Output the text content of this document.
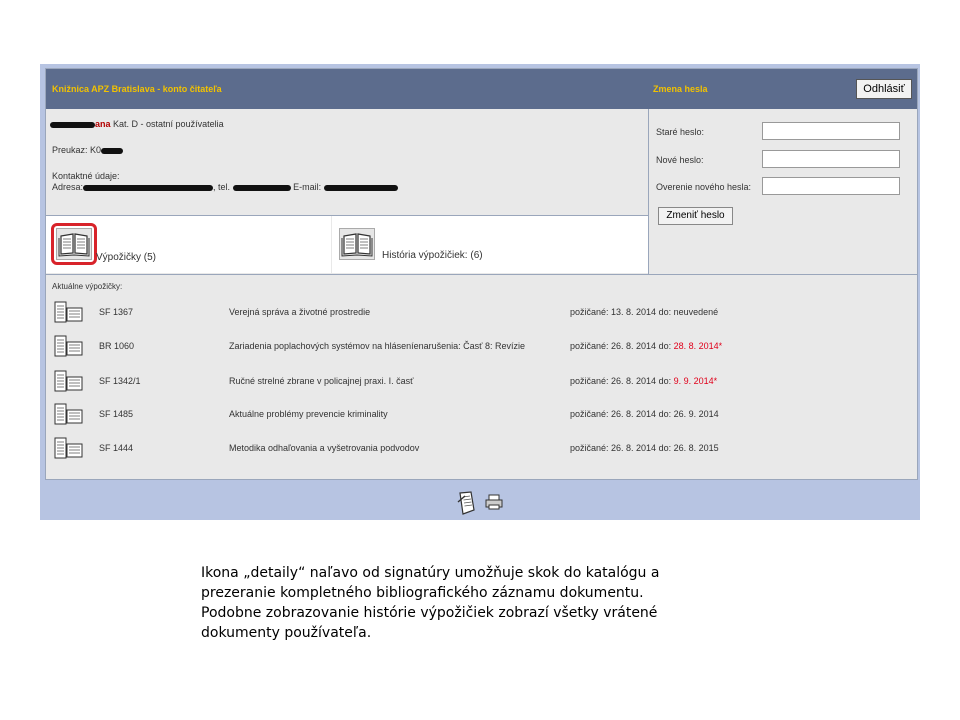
Knižnica APZ Bratislava - konto čitateľa	Zmena hesla	Odhlásiť
ana Kat. D - ostatní používatelia
Preukaz: K0
Kontaktné údaje:
Adresa:	, tel.	E-mail:
Staré heslo:
Nové heslo:
Overenie nového hesla:
Zmeniť heslo
Výpožičky (5)	História výpožičiek: (6)
Aktuálne výpožičky:
SF 1367	Verejná správa a životné prostredie	požičané: 13. 8. 2014 do: neuvedené
BR 1060	Zariadenia poplachových systémov na hláseníenarušenia: Časť 8: Revízie	požičané: 26. 8. 2014 do: 28. 8. 2014*
SF 1342/1	Ručné strelné zbrane v policajnej praxi. I. časť	požičané: 26. 8. 2014 do: 9. 9. 2014*
SF 1485	Aktuálne problémy prevencie kriminality	požičané: 26. 8. 2014 do: 26. 9. 2014
SF 1444	Metodika odhaľovania a vyšetrovania podvodov	požičané: 26. 8. 2014 do: 26. 8. 2015
Ikona „detaily“ naľavo od signatúry umožňuje skok do katalógu a
prezeranie kompletného bibliografického záznamu dokumentu.
Podobne zobrazovanie histórie výpožičiek zobrazí všetky vrátené
dokumenty používateľa.
